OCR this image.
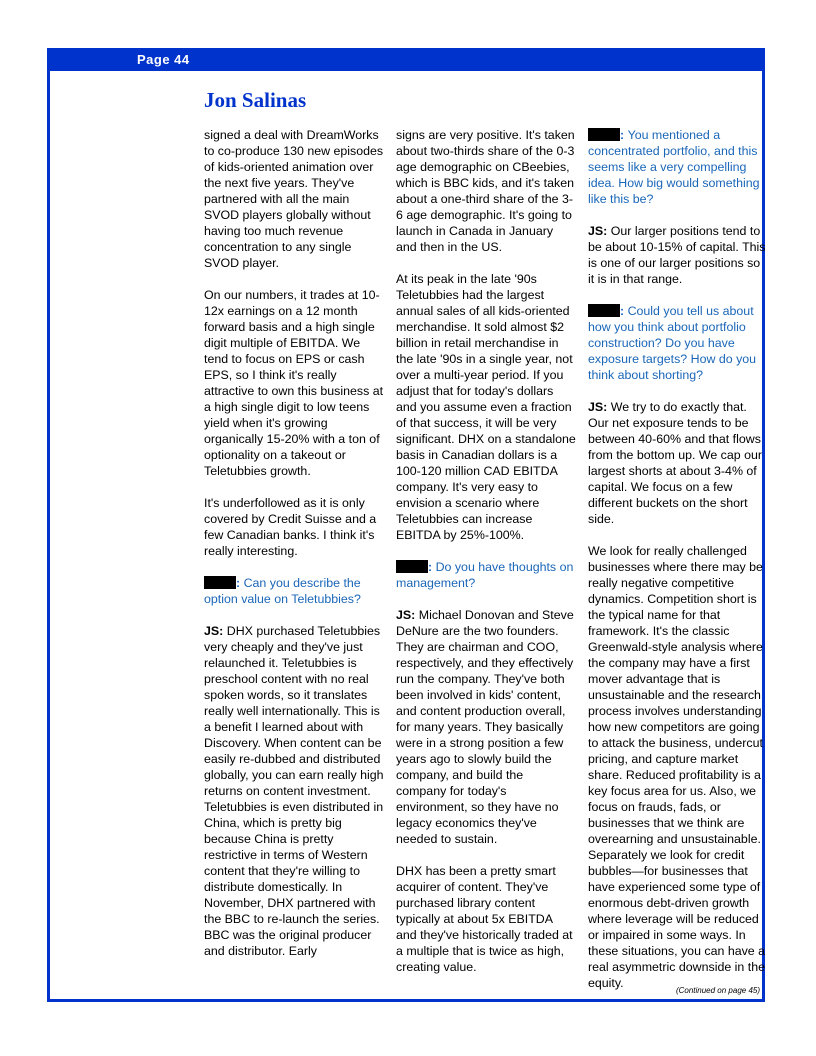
Page 44
Jon Salinas

signed a deal with DreamWorks to co-produce 130 new episodes of kids-oriented animation over the next five years. They've partnered with all the main SVOD players globally without having too much revenue concentration to any single SVOD player.

On our numbers, it trades at 10-12x earnings on a 12 month forward basis and a high single digit multiple of EBITDA. We tend to focus on EPS or cash EPS, so I think it's really attractive to own this business at a high single digit to low teens yield when it's growing organically 15-20% with a ton of optionality on a takeout or Teletubbies growth.

It's underfollowed as it is only covered by Credit Suisse and a few Canadian banks. I think it's really interesting.

: Can you describe the option value on Teletubbies?

JS: DHX purchased Teletubbies very cheaply and they've just relaunched it. Teletubbies is preschool content with no real spoken words, so it translates really well internationally. This is a benefit I learned about with Discovery. When content can be easily re-dubbed and distributed globally, you can earn really high returns on content investment. Teletubbies is even distributed in China, which is pretty big because China is pretty restrictive in terms of Western content that they're willing to distribute domestically. In November, DHX partnered with the BBC to re-launch the series. BBC was the original producer and distributor. Early

signs are very positive. It's taken about two-thirds share of the 0-3 age demographic on CBeebies, which is BBC kids, and it's taken about a one-third share of the 3-6 age demographic. It's going to launch in Canada in January and then in the US.

At its peak in the late '90s Teletubbies had the largest annual sales of all kids-oriented merchandise. It sold almost $2 billion in retail merchandise in the late '90s in a single year, not over a multi-year period. If you adjust that for today's dollars and you assume even a fraction of that success, it will be very significant. DHX on a standalone basis in Canadian dollars is a 100-120 million CAD EBITDA company. It's very easy to envision a scenario where Teletubbies can increase EBITDA by 25%-100%.

: Do you have thoughts on management?

JS: Michael Donovan and Steve DeNure are the two founders. They are chairman and COO, respectively, and they effectively run the company. They've both been involved in kids' content, and content production overall, for many years. They basically were in a strong position a few years ago to slowly build the company, and build the company for today's environment, so they have no legacy economics they've needed to sustain.

DHX has been a pretty smart acquirer of content. They've purchased library content typically at about 5x EBITDA and they've historically traded at a multiple that is twice as high, creating value.

: You mentioned a concentrated portfolio, and this seems like a very compelling idea. How big would something like this be?

JS: Our larger positions tend to be about 10-15% of capital. This is one of our larger positions so it is in that range.

: Could you tell us about how you think about portfolio construction? Do you have exposure targets? How do you think about shorting?

JS: We try to do exactly that. Our net exposure tends to be between 40-60% and that flows from the bottom up. We cap our largest shorts at about 3-4% of capital. We focus on a few different buckets on the short side.

We look for really challenged businesses where there may be really negative competitive dynamics. Competition short is the typical name for that framework. It's the classic Greenwald-style analysis where the company may have a first mover advantage that is unsustainable and the research process involves understanding how new competitors are going to attack the business, undercut pricing, and capture market share. Reduced profitability is a key focus area for us. Also, we focus on frauds, fads, or businesses that we think are overearning and unsustainable. Separately we look for credit bubbles—for businesses that have experienced some type of enormous debt-driven growth where leverage will be reduced or impaired in some ways. In these situations, you can have a real asymmetric downside in the equity.

(Continued on page 45)
